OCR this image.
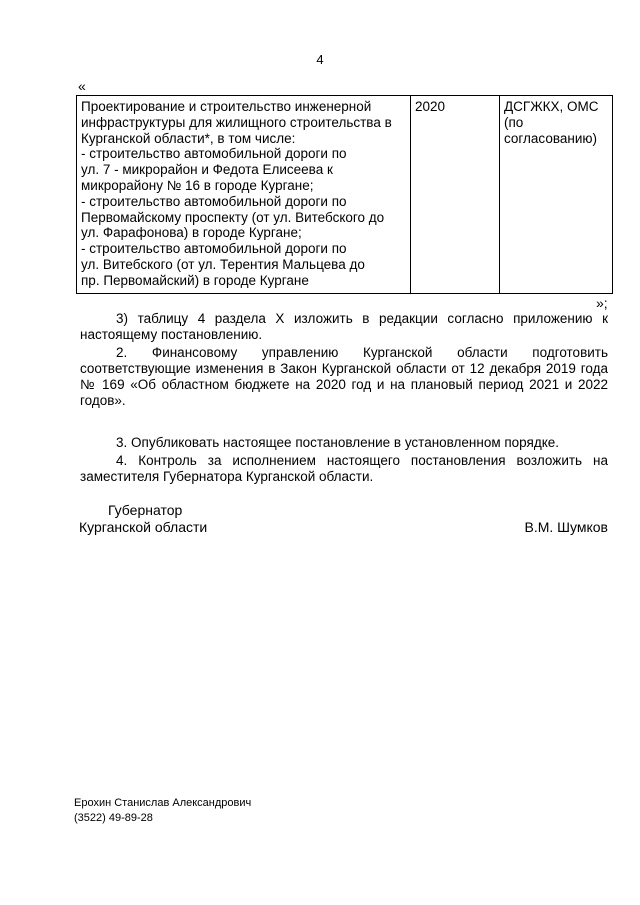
4
«
Проектирование и строительство инженерной
инфраструктуры для жилищного строительства в
Курганской области*, в том числе:
- строительство автомобильной дороги по
ул. 7 - микрорайон и Федота Елисеева к
микрорайону № 16 в городе Кургане;
- строительство автомобильной дороги по
Первомайскому проспекту (от ул. Витебского до
ул. Фарафонова) в городе Кургане;
- строительство автомобильной дороги по
ул. Витебского (от ул. Терентия Мальцева до
пр. Первомайский) в городе Кургане
	2020	ДСГЖКХ, ОМС
(по
согласованию)
»;
3) таблицу 4 раздела X изложить в редакции согласно приложению к настоящему постановлению.
2. Финансовому управлению Курганской области подготовить соответствующие изменения в Закон Курганской области от 12 декабря 2019 года № 169 «Об областном бюджете на 2020 год и на плановый период 2021 и 2022 годов».
3. Опубликовать настоящее постановление в установленном порядке.
4. Контроль за исполнением настоящего постановления возложить на заместителя Губернатора Курганской области.
Губернатор
Курганской области	В.М. Шумков
Ерохин Станислав Александрович
(3522) 49-89-28
